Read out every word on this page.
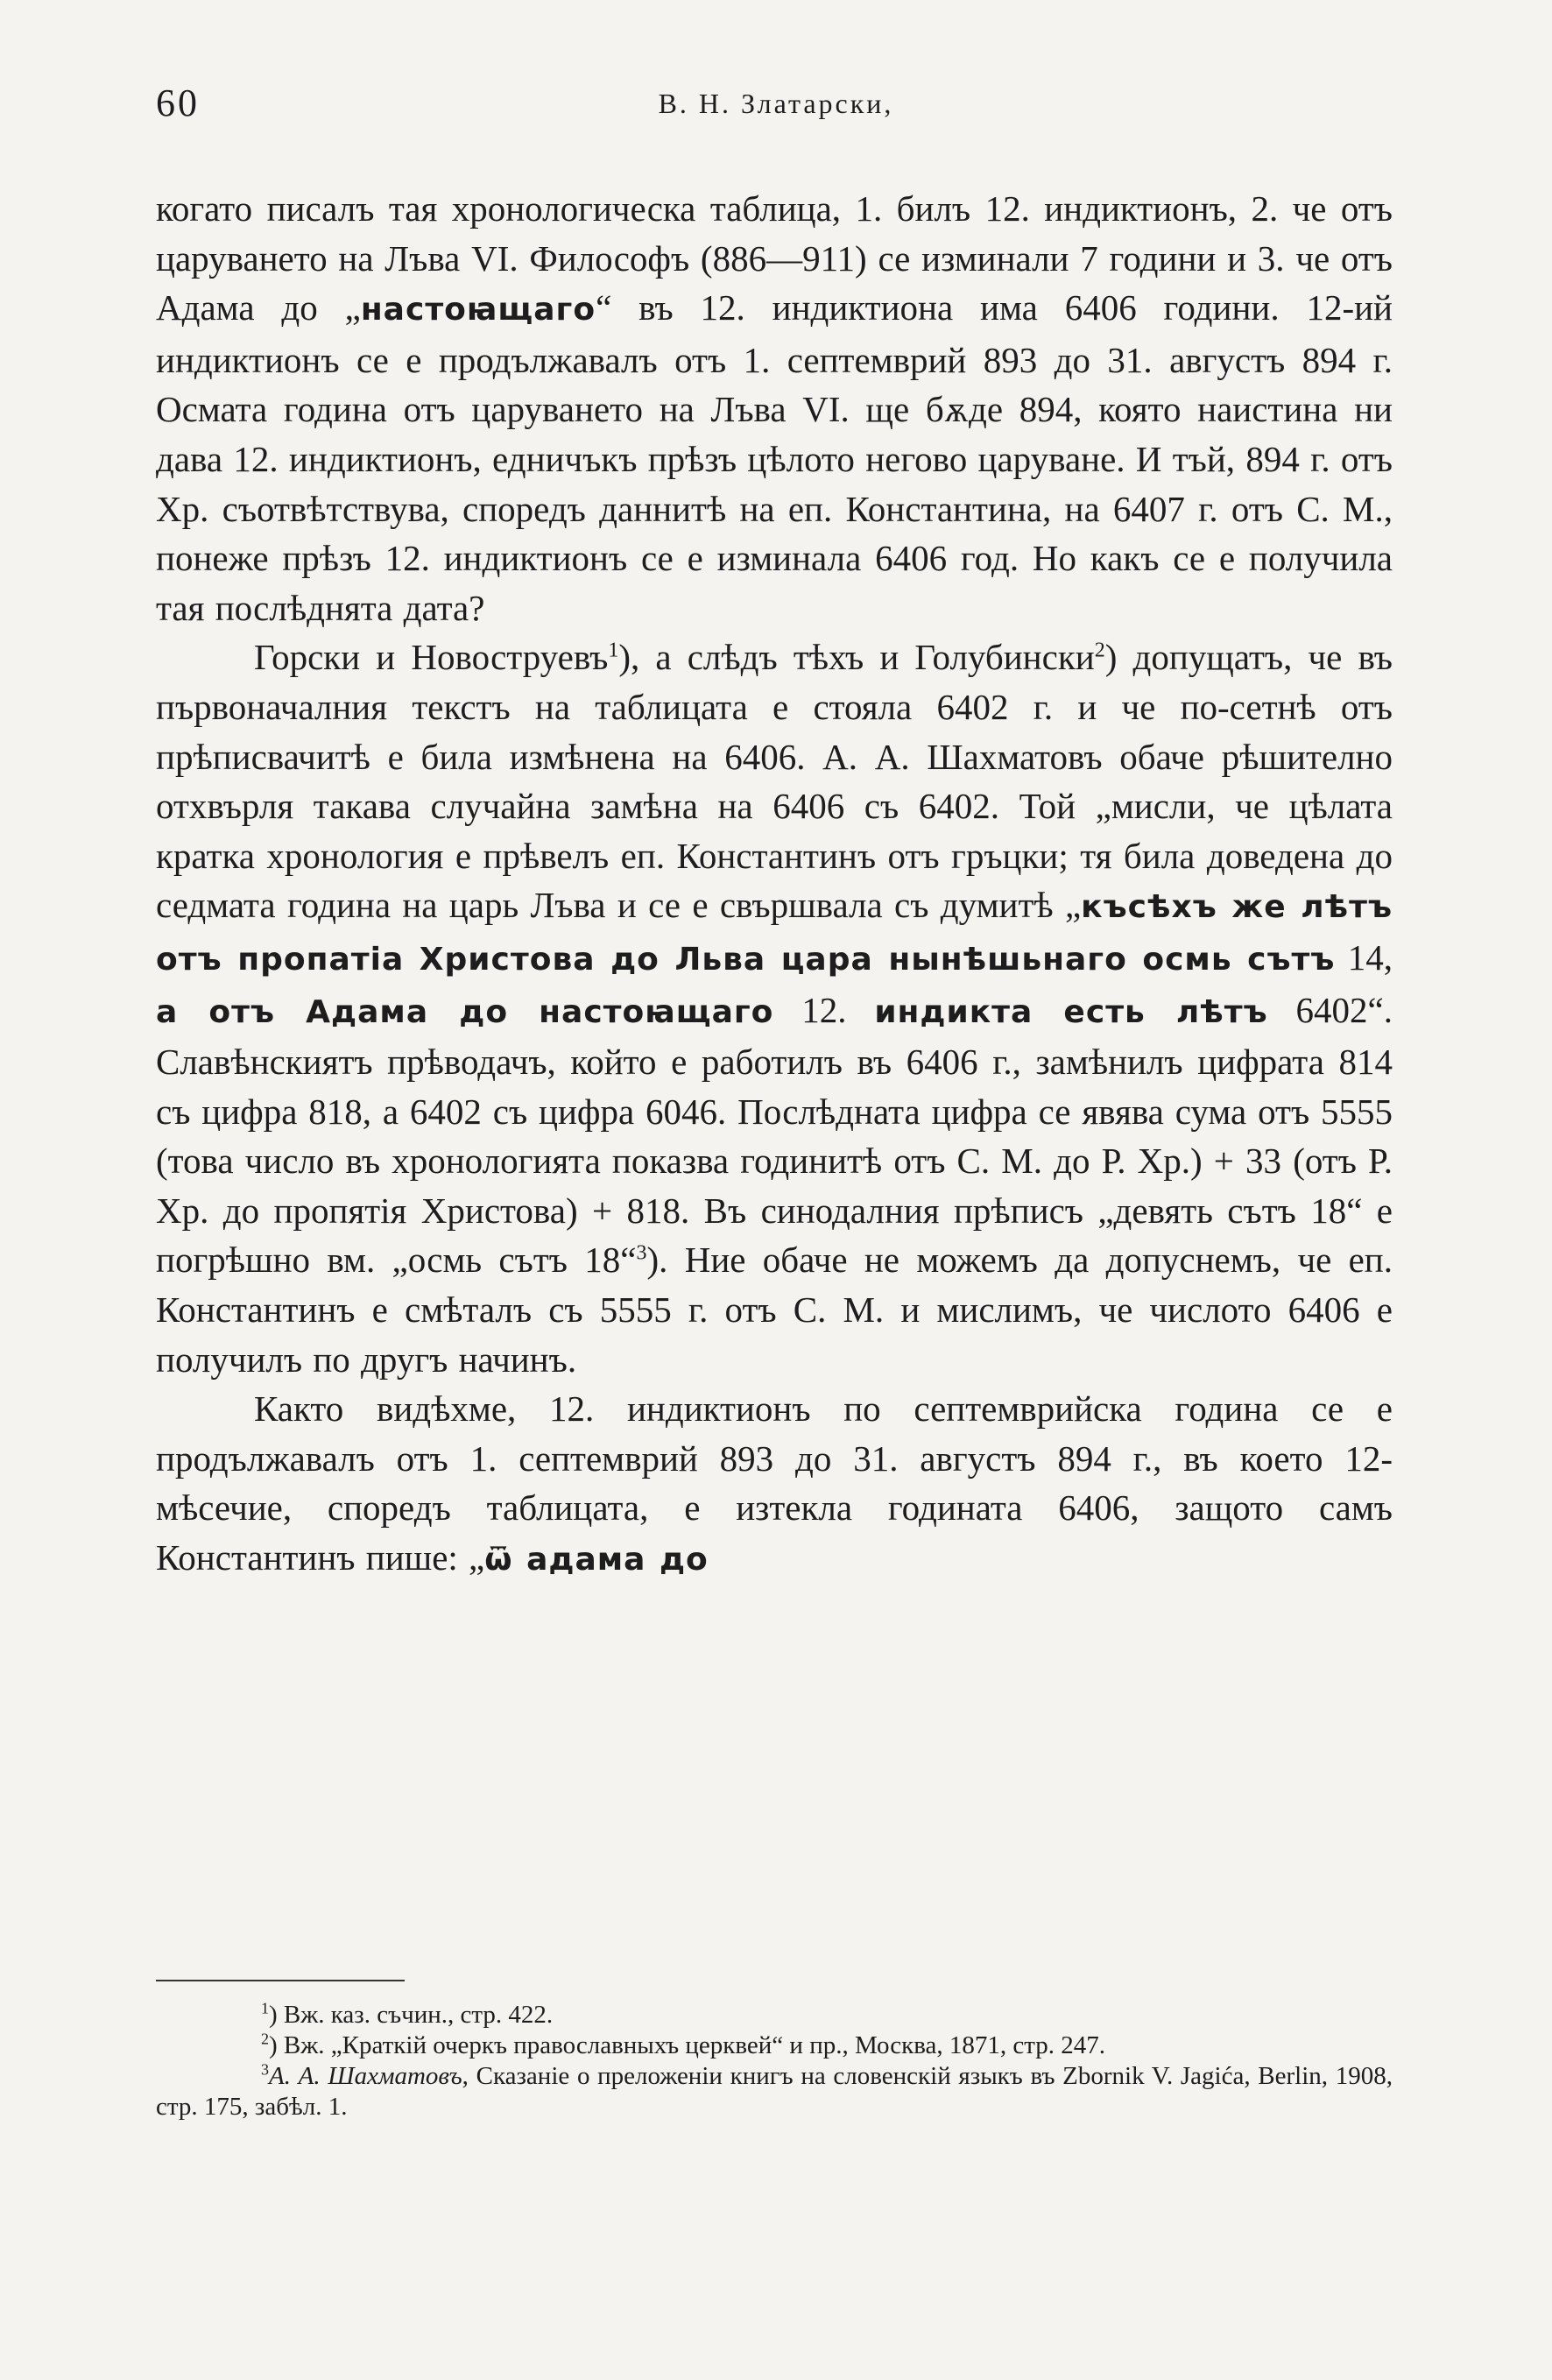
60	В. Н. Златарски,

когато писалъ тая хронологическа таблица, 1. билъ 12. индиктионъ, 2. че отъ царуването на Лъва VI. Философъ (886—911) се изминали 7 години и 3. че отъ Адама до „настоꙗщаго“ въ 12. индиктиона има 6406 години. 12-ий индиктионъ се е продължавалъ отъ 1. септемврий 893 до 31. августъ 894 г. Осмата година отъ царуването на Лъва VI. ще бѫде 894, която наистина ни дава 12. индиктионъ, едничъкъ прѣзъ цѣлото негово царуване. И тъй, 894 г. отъ Хр. съотвѣтствува, споредъ даннитѣ на еп. Константина, на 6407 г. отъ С. М., понеже прѣзъ 12. индиктионъ се е изминала 6406 год. Но какъ се е получила тая послѣднята дата?

Горски и Новоструевъ$^1$), а слѣдъ тѣхъ и Голубински$^2$) допущатъ, че въ първоначалния текстъ на таблицата е стояла 6402 г. и че по-сетнѣ отъ прѣписвачитѣ е била измѣнена на 6406. А. А. Шахматовъ обаче рѣшително отхвърля такава случайна замѣна на 6406 съ 6402. Той „мисли, че цѣлата кратка хронология е прѣвелъ еп. Константинъ отъ гръцки; тя била доведена до седмата година на царь Лъва и се е свършвала съ думитѣ „късѣхъ же лѣтъ отъ пропатіа Христова до Льва цара нынѣшьнаго осмь сътъ 14, а отъ Адама до настоꙗщаго 12. индикта есть лѣтъ 6402“. Славѣнскиятъ прѣводачъ, който е работилъ въ 6406 г., замѣнилъ цифрата 814 съ цифра 818, а 6402 съ цифра 6046. Послѣдната цифра се явява сума отъ 5555 (това число въ хронологията показва годинитѣ отъ С. М. до Р. Хр.) + 33 (отъ Р. Хр. до пропятія Христова) + 818. Въ синодалния прѣписъ „девять сътъ 18“ е погрѣшно вм. „осмь сътъ 18“$^3$). Ние обаче не можемъ да допуснемъ, че еп. Константинъ е смѣталъ съ 5555 г. отъ С. М. и мислимъ, че числото 6406 е получилъ по другъ начинъ.

Както видѣхме, 12. индиктионъ по септемврийска година се е продължавалъ отъ 1. септемврий 893 до 31. августъ 894 г., въ което 12-мѣсечие, споредъ таблицата, е изтекла годината 6406, защото самъ Константинъ пише: „ѿ адама до

$^1$) Вж. каз. съчин., стр. 422.

$^2$) Вж. „Краткій очеркъ православныхъ церквей“ и пр., Москва, 1871, стр. 247.

$^3$А. А. Шахматовъ, Сказаніе о преложеніи книгъ на словенскій языкъ въ Zbornik V. Jagića, Berlin, 1908, стр. 175, забѣл. 1.
